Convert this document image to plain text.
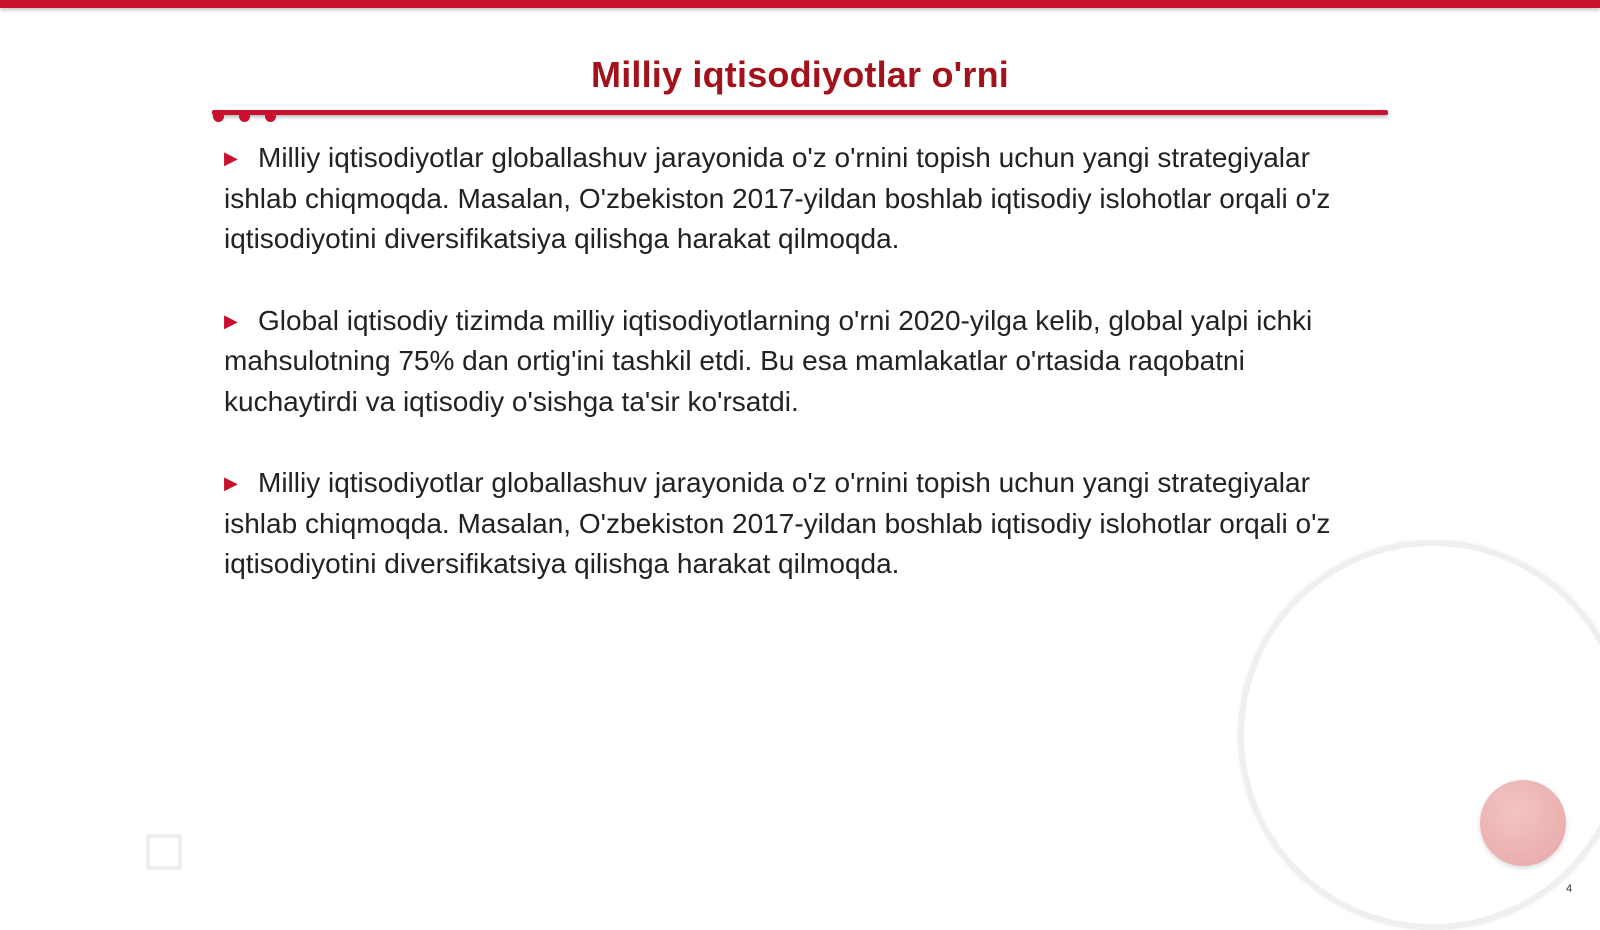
Milliy iqtisodiyotlar o'rni

▶ Milliy iqtisodiyotlar globallashuv jarayonida o'z o'rnini topish uchun yangi strategiyalar ishlab chiqmoqda. Masalan, O'zbekiston 2017-yildan boshlab iqtisodiy islohotlar orqali o'z iqtisodiyotini diversifikatsiya qilishga harakat qilmoqda.

▶ Global iqtisodiy tizimda milliy iqtisodiyotlarning o'rni 2020-yilga kelib, global yalpi ichki mahsulotning 75% dan ortig'ini tashkil etdi. Bu esa mamlakatlar o'rtasida raqobatni kuchaytirdi va iqtisodiy o'sishga ta'sir ko'rsatdi.

▶ Milliy iqtisodiyotlar globallashuv jarayonida o'z o'rnini topish uchun yangi strategiyalar ishlab chiqmoqda. Masalan, O'zbekiston 2017-yildan boshlab iqtisodiy islohotlar orqali o'z iqtisodiyotini diversifikatsiya qilishga harakat qilmoqda.

4
